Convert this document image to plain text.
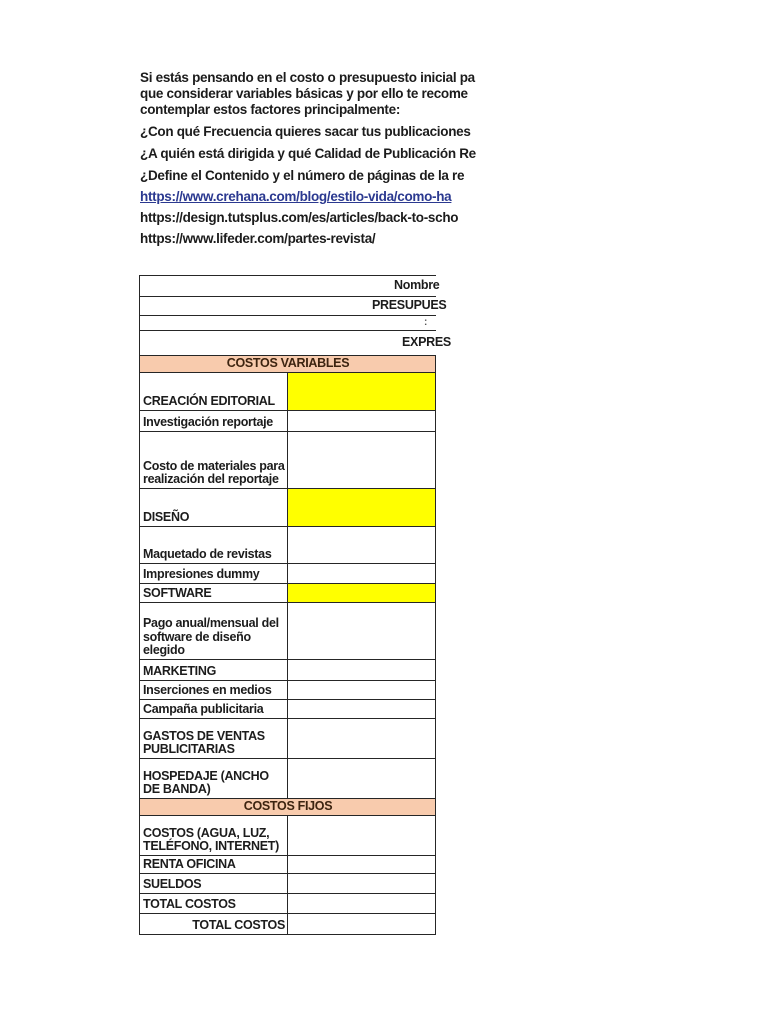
Si estás pensando en el costo o presupuesto inicial pa
que considerar variables básicas y por ello te recome
contemplar estos factores principalmente:
¿Con qué Frecuencia quieres sacar tus publicaciones
¿A quién está dirigida y qué Calidad de Publicación Re
¿Define el Contenido y el número de páginas de la re
https://www.crehana.com/blog/estilo-vida/como-ha
https://design.tutsplus.com/es/articles/back-to-scho
https://www.lifeder.com/partes-revista/
Nombre	

PRESUPUES	

:	

EXPRES	

COSTOS VARIABLES	
CREACIÓN EDITORIAL	
Investigación reportaje	
Costo de materiales para realización del reportaje	
DISEÑO	
Maquetado de revistas	
Impresiones dummy	
SOFTWARE	
Pago anual/mensual del software de diseño elegido	
MARKETING	
Inserciones en medios	
Campaña publicitaria	
GASTOS DE VENTAS PUBLICITARIAS	
HOSPEDAJE (ANCHO DE BANDA)	
COSTOS FIJOS	
COSTOS (AGUA, LUZ, TELÉFONO, INTERNET)	
RENTA OFICINA	
SUELDOS	
TOTAL COSTOS	
TOTAL COSTOS	
